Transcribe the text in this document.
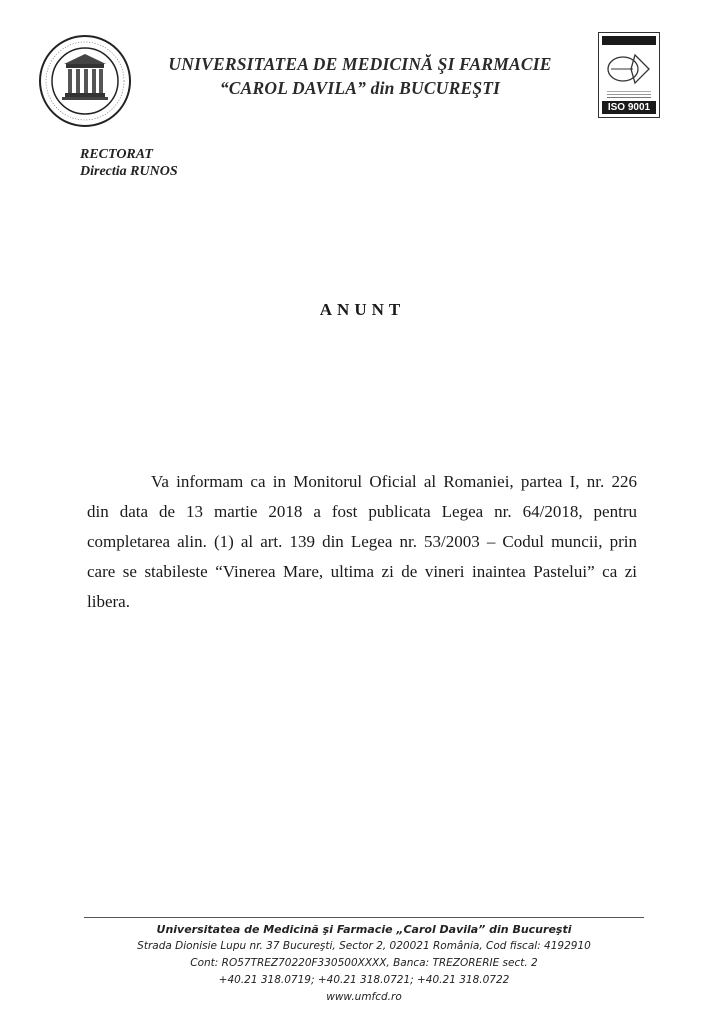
UNIVERSITATEA DE MEDICINĂ ŞI FARMACIE
“CAROL DAVILA” din BUCUREŞTI
ISO 9001
RECTORAT
Directia RUNOS
ANUNT
Va informam ca in Monitorul Oficial al Romaniei, partea I, nr. 226
din data de 13 martie 2018 a fost publicata Legea nr. 64/2018, pentru
completarea alin. (1) al art. 139 din Legea nr. 53/2003 – Codul muncii, prin
care se stabileste “Vinerea Mare, ultima zi de vineri inaintea Pastelui” ca zi
libera.
Universitatea de Medicină şi Farmacie „Carol Davila” din Bucureşti
Strada Dionisie Lupu nr. 37 Bucureşti, Sector 2, 020021 România, Cod fiscal: 4192910
Cont: RO57TREZ70220F330500XXXX, Banca: TREZORERIE sect. 2
+40.21 318.0719; +40.21 318.0721; +40.21 318.0722
www.umfcd.ro
